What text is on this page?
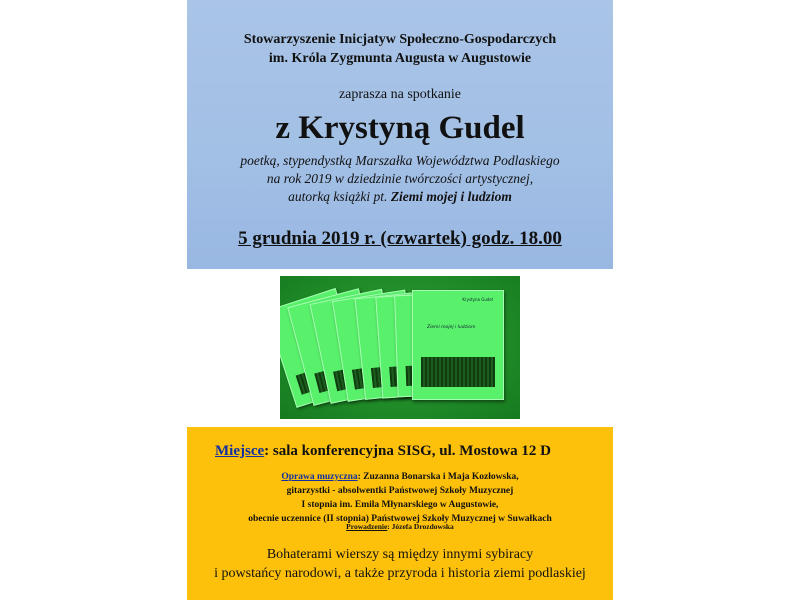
Stowarzyszenie Inicjatyw Społeczno-Gospodarczych
im. Króla Zygmunta Augusta w Augustowie
zaprasza na spotkanie
z Krystyną Gudel
poetką, stypendystką Marszałka Województwa Podlaskiego
na rok 2019 w dziedzinie twórczości artystycznej,
autorką książki pt. Ziemi mojej i ludziom
5 grudnia 2019 r. (czwartek) godz. 18.00
Krystyna Gudel
Ziemi mojej i ludziom
Miejsce: sala konferencyjna SISG, ul. Mostowa 12 D
Oprawa muzyczna: Zuzanna Bonarska i Maja Kozłowska,
gitarzystki - absolwentki Państwowej Szkoły Muzycznej
I stopnia im. Emila Młynarskiego w Augustowie,
obecnie uczennice (II stopnia) Państwowej Szkoły Muzycznej w Suwałkach
Prowadzenie: Józefa Drozdowska
Bohaterami wierszy są między innymi sybiracy
i powstańcy narodowi, a także przyroda i historia ziemi podlaskiej
